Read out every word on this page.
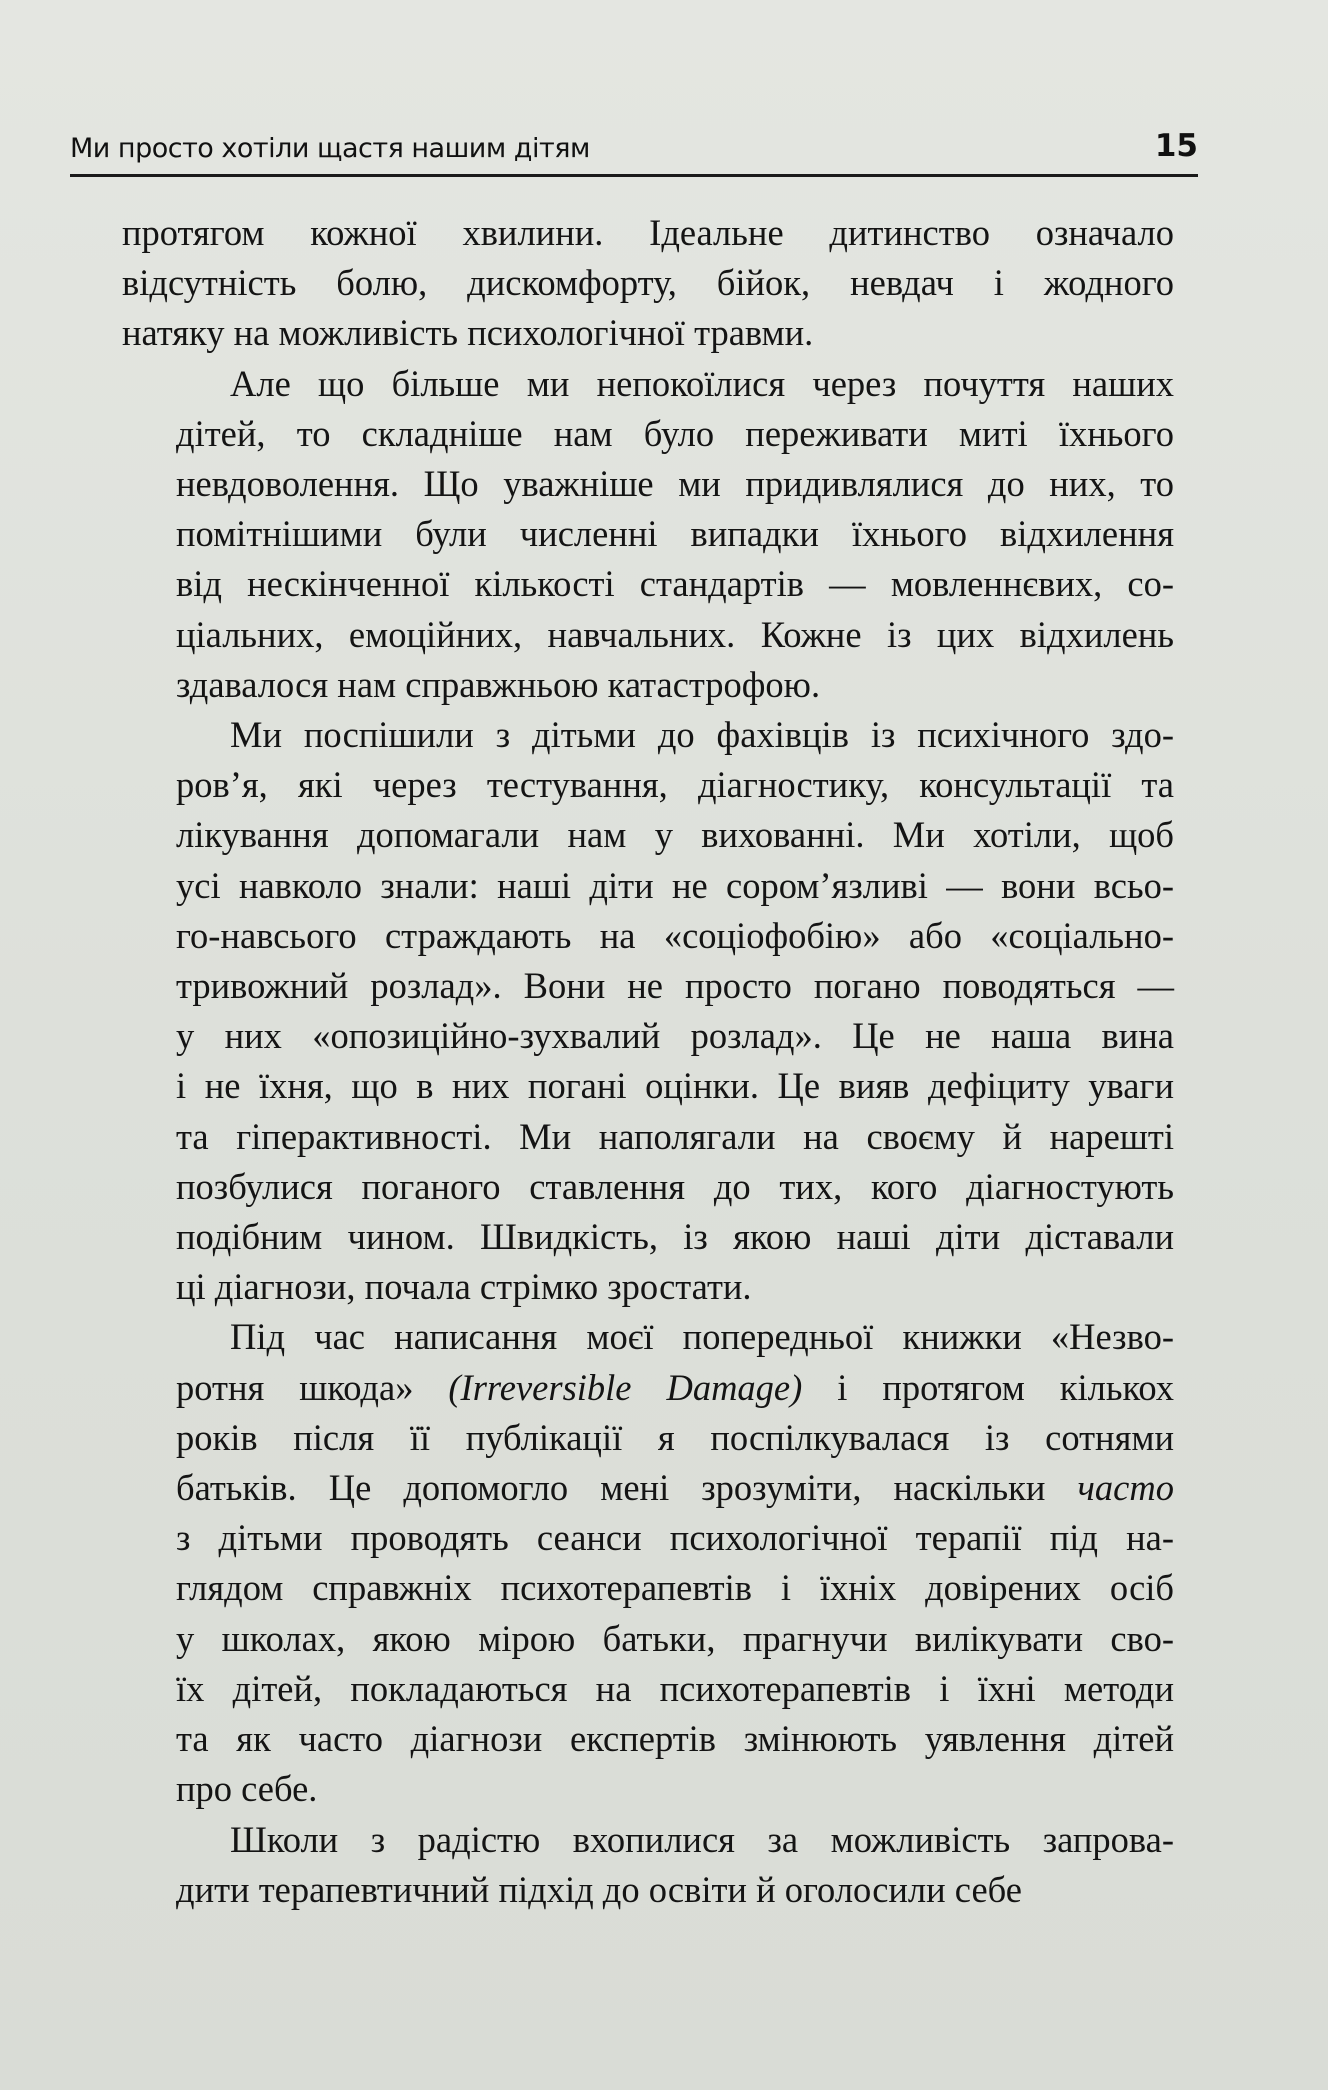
Ми просто хотіли щастя нашим дітям	15

протягом кожної хвилини. Ідеальне дитинство означало
відсутність болю, дискомфорту, бійок, невдач і жодного
натяку на можливість психологічної травми.

Але що більше ми непокоїлися через почуття наших
дітей, то складніше нам було переживати миті їхнього
невдоволення. Що уважніше ми придивлялися до них, то
помітнішими були численні випадки їхнього відхилення
від нескінченної кількості стандартів — мовленнєвих, со-
ціальних, емоційних, навчальних. Кожне із цих відхилень
здавалося нам справжньою катастрофою.

Ми поспішили з дітьми до фахівців із психічного здо-
ров’я, які через тестування, діагностику, консультації та
лікування допомагали нам у вихованні. Ми хотіли, щоб
усі навколо знали: наші діти не сором’язливі — вони всьо-
го-навсього страждають на «соціофобію» або «соціально-
тривожний розлад». Вони не просто погано поводяться —
у них «опозиційно-зухвалий розлад». Це не наша вина
і не їхня, що в них погані оцінки. Це вияв дефіциту уваги
та гіперактивності. Ми наполягали на своєму й нарешті
позбулися поганого ставлення до тих, кого діагностують
подібним чином. Швидкість, із якою наші діти діставали
ці діагнози, почала стрімко зростати.

Під час написання моєї попередньої книжки «Незво-
ротня шкода» (Irreversible Damage) і протягом кількох
років після її публікації я поспілкувалася із сотнями
батьків. Це допомогло мені зрозуміти, наскільки часто
з дітьми проводять сеанси психологічної терапії під на-
глядом справжніх психотерапевтів і їхніх довірених осіб
у школах, якою мірою батьки, прагнучи вилікувати сво-
їх дітей, покладаються на психотерапевтів і їхні методи
та як часто діагнози експертів змінюють уявлення дітей
про себе.

Школи з радістю вхопилися за можливість запрова-
дити терапевтичний підхід до освіти й оголосили себе
